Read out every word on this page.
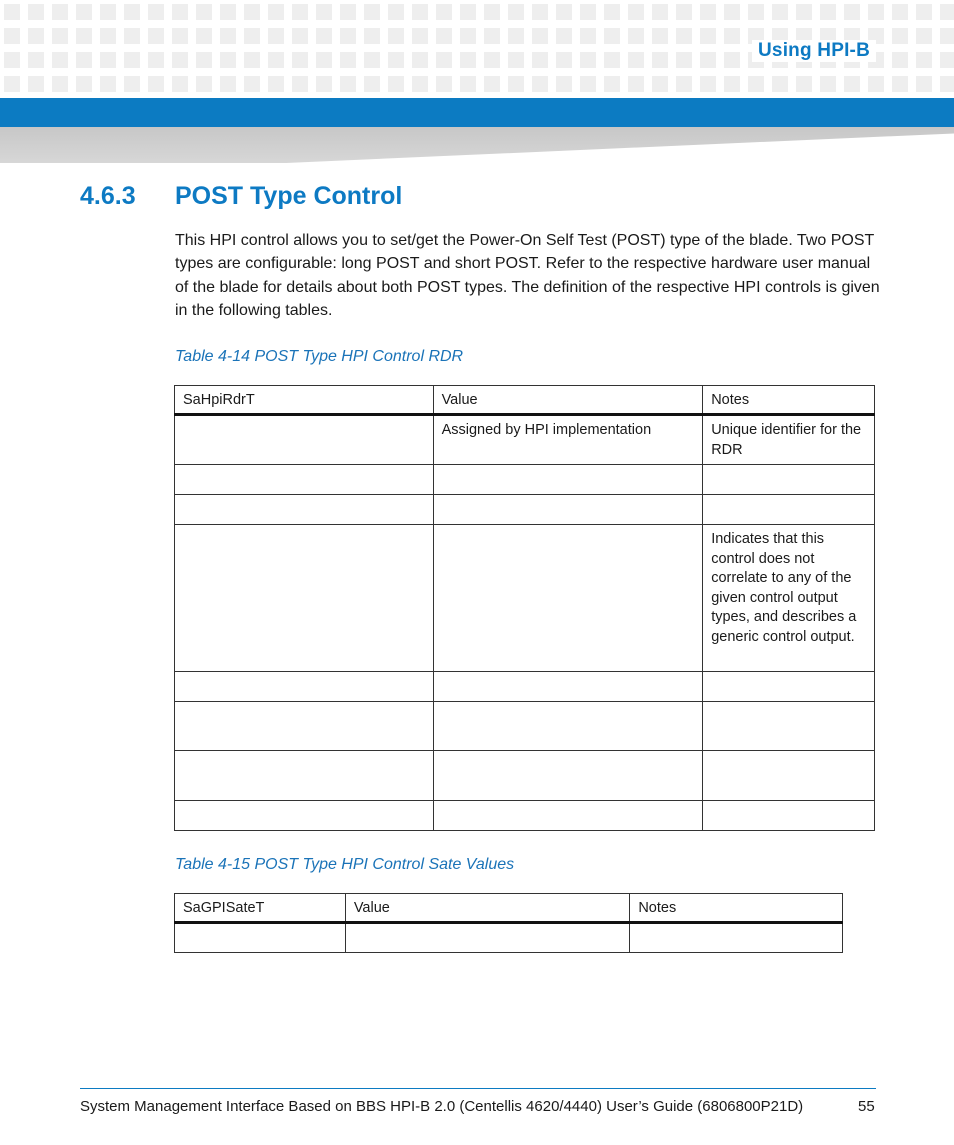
Using HPI-B
4.6.3	POST Type Control
This HPI control allows you to set/get the Power-On Self Test (POST) type of the blade. Two POST types are configurable: long POST and short POST. Refer to the respective hardware user manual of the blade for details about both POST types. The definition of the respective HPI controls is given in the following tables.
Table 4-14 POST Type HPI Control RDR
SaHpiRdrT	Value	Notes
	Assigned by HPI implementation	Unique identifier for the RDR

		Indicates that this control does not correlate to any of the given control output types, and describes a generic control output.

Table 4-15 POST Type HPI Control Sate Values
SaGPISateT	Value	Notes

System Management Interface Based on BBS HPI-B 2.0 (Centellis 4620/4440) User’s Guide (6806800P21D)	55
